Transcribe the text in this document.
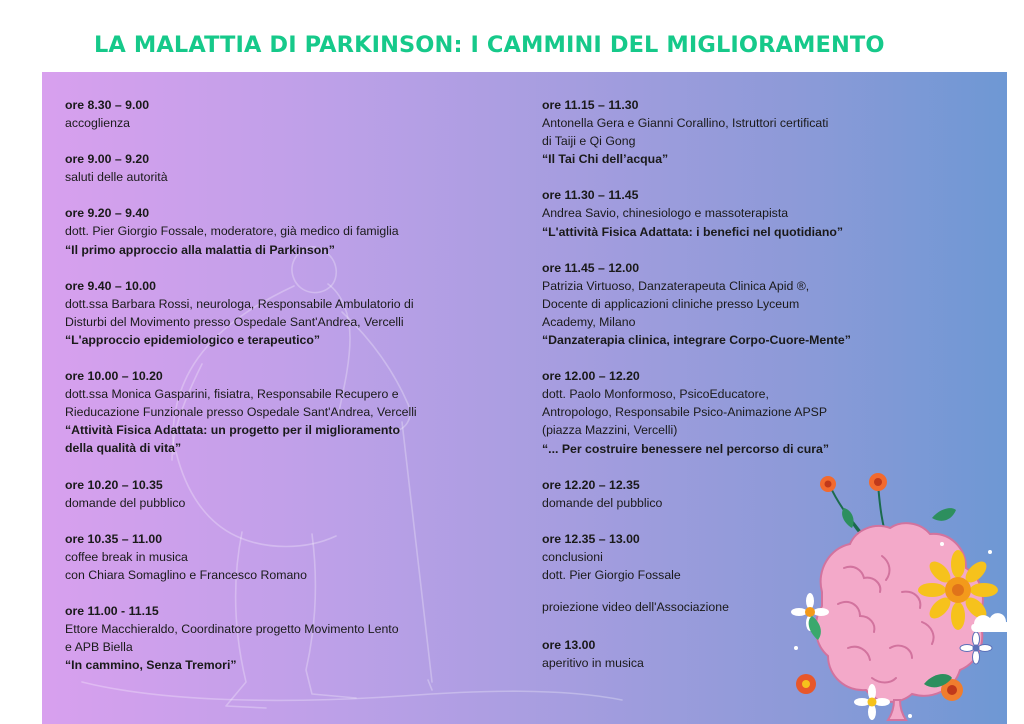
LA MALATTIA DI PARKINSON: I CAMMINI DEL MIGLIORAMENTO
ore 8.30 – 9.00
accoglienza
ore 9.00 – 9.20
saluti delle autorità
ore 9.20 – 9.40
dott. Pier Giorgio Fossale, moderatore, già medico di famiglia
“Il primo approccio alla malattia di Parkinson”
ore 9.40 – 10.00
dott.ssa Barbara Rossi, neurologa, Responsabile Ambulatorio di
Disturbi del Movimento presso Ospedale Sant'Andrea, Vercelli
“L'approccio epidemiologico e terapeutico”
ore 10.00 – 10.20
dott.ssa Monica Gasparini, fisiatra, Responsabile Recupero e
Rieducazione Funzionale presso Ospedale Sant'Andrea, Vercelli
“Attività Fisica Adattata: un progetto per il miglioramento
della qualità di vita”
ore 10.20 – 10.35
domande del pubblico
ore 10.35 – 11.00
coffee break in musica
con Chiara Somaglino e Francesco Romano
ore 11.00 - 11.15
Ettore Macchieraldo, Coordinatore progetto Movimento Lento
e APB Biella
“In cammino, Senza Tremori”
ore 11.15 – 11.30
Antonella Gera e Gianni Corallino, Istruttori certificati
di Taiji e Qi Gong
“Il Tai Chi dell’acqua”
ore 11.30 – 11.45
Andrea Savio, chinesiologo e massoterapista
“L'attività Fisica Adattata: i benefici nel quotidiano”
ore 11.45 – 12.00
Patrizia Virtuoso, Danzaterapeuta Clinica Apid ®,
Docente di applicazioni cliniche presso Lyceum
Academy, Milano
“Danzaterapia clinica, integrare Corpo-Cuore-Mente”
ore 12.00 – 12.20
dott. Paolo Monformoso, PsicoEducatore,
Antropologo, Responsabile Psico-Animazione APSP
(piazza Mazzini, Vercelli)
“... Per costruire benessere nel percorso di cura”
ore 12.20 – 12.35
domande del pubblico
ore 12.35 – 13.00
conclusioni
dott. Pier Giorgio Fossale
proiezione video dell'Associazione
ore 13.00
aperitivo in musica
